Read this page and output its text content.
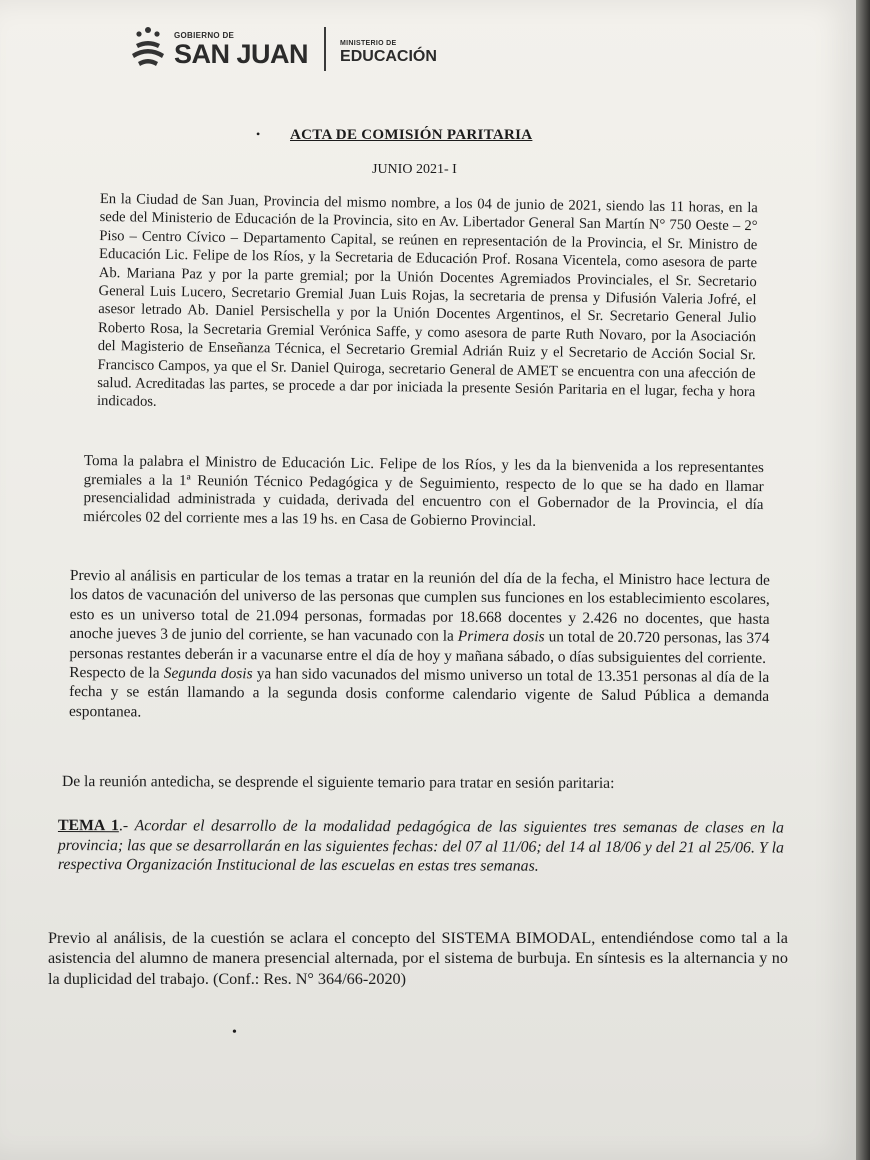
GOBIERNO DE
SAN JUAN	MINISTERIO DE
EDUCACIÓN
• ACTA DE COMISIÓN PARITARIA
JUNIO 2021- I

En la Ciudad de San Juan, Provincia del mismo nombre, a los 04 de junio de 2021, siendo las 11 horas, en la sede del Ministerio de Educación de la Provincia, sito en Av. Libertador General San Martín N° 750 Oeste – 2° Piso – Centro Cívico – Departamento Capital, se reúnen en representación de la Provincia, el Sr. Ministro de Educación Lic. Felipe de los Ríos, y la Secretaria de Educación Prof. Rosana Vicentela, como asesora de parte Ab. Mariana Paz y por la parte gremial; por la Unión Docentes Agremiados Provinciales, el Sr. Secretario General Luis Lucero, Secretario Gremial Juan Luis Rojas, la secretaria de prensa y Difusión Valeria Jofré, el asesor letrado Ab. Daniel Persischella y por la Unión Docentes Argentinos, el Sr. Secretario General Julio Roberto Rosa, la Secretaria Gremial Verónica Saffe, y como asesora de parte Ruth Novaro, por la Asociación del Magisterio de Enseñanza Técnica, el Secretario Gremial Adrián Ruiz y el Secretario de Acción Social Sr. Francisco Campos, ya que el Sr. Daniel Quiroga, secretario General de AMET se encuentra con una afección de salud. Acreditadas las partes, se procede a dar por iniciada la presente Sesión Paritaria en el lugar, fecha y hora indicados.

Toma la palabra el Ministro de Educación Lic. Felipe de los Ríos, y les da la bienvenida a los representantes gremiales a la 1ª Reunión Técnico Pedagógica y de Seguimiento, respecto de lo que se ha dado en llamar presencialidad administrada y cuidada, derivada del encuentro con el Gobernador de la Provincia, el día miércoles 02 del corriente mes a las 19 hs. en Casa de Gobierno Provincial.

Previo al análisis en particular de los temas a tratar en la reunión del día de la fecha, el Ministro hace lectura de los datos de vacunación del universo de las personas que cumplen sus funciones en los establecimiento escolares, esto es un universo total de 21.094 personas, formadas por 18.668 docentes y 2.426 no docentes, que hasta anoche jueves 3 de junio del corriente, se han vacunado con la Primera dosis un total de 20.720 personas, las 374 personas restantes deberán ir a vacunarse entre el día de hoy y mañana sábado, o días subsiguientes del corriente.
Respecto de la Segunda dosis ya han sido vacunados del mismo universo un total de 13.351 personas al día de la fecha y se están llamando a la segunda dosis conforme calendario vigente de Salud Pública a demanda espontanea.

De la reunión antedicha, se desprende el siguiente temario para tratar en sesión paritaria:

TEMA 1.- Acordar el desarrollo de la modalidad pedagógica de las siguientes tres semanas de clases en la provincia; las que se desarrollarán en las siguientes fechas: del 07 al 11/06; del 14 al 18/06 y del 21 al 25/06. Y la respectiva Organización Institucional de las escuelas en estas tres semanas.

Previo al análisis, de la cuestión se aclara el concepto del SISTEMA BIMODAL, entendiéndose como tal a la asistencia del alumno de manera presencial alternada, por el sistema de burbuja. En síntesis es la alternancia y no la duplicidad del trabajo. (Conf.: Res. N° 364/66-2020)

•
